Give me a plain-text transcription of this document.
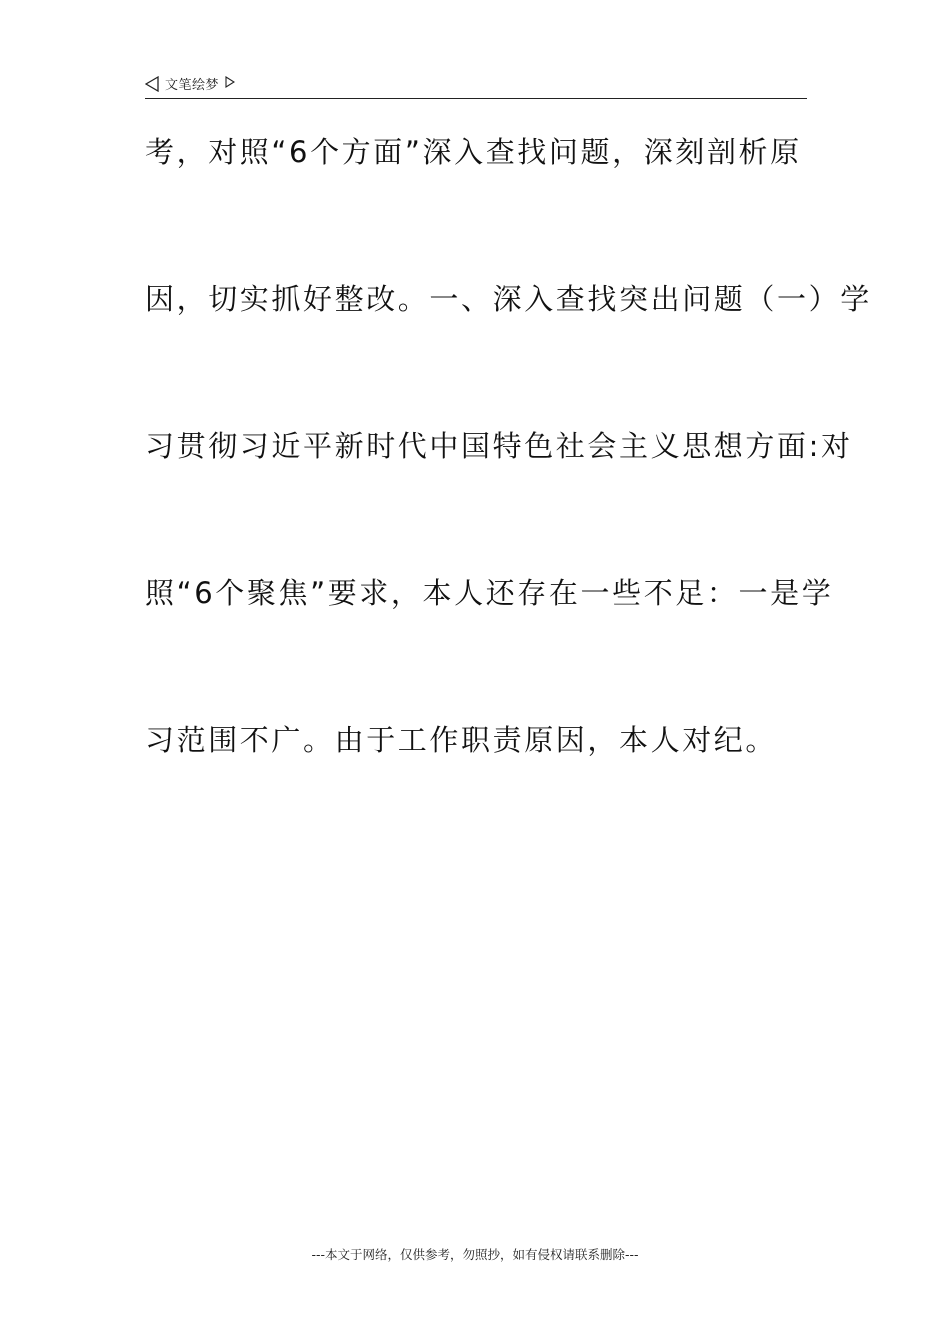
文笔绘梦
考，对照“6个方面”深入查找问题，深刻剖析原
因，切实抓好整改。一、深入查找突出问题（一）学
习贯彻习近平新时代中国特色社会主义思想方面:对
照“6个聚焦”要求，本人还存在一些不足：一是学
习范围不广。由于工作职责原因，本人对纪。
---本文于网络，仅供参考，勿照抄，如有侵权请联系删除---
